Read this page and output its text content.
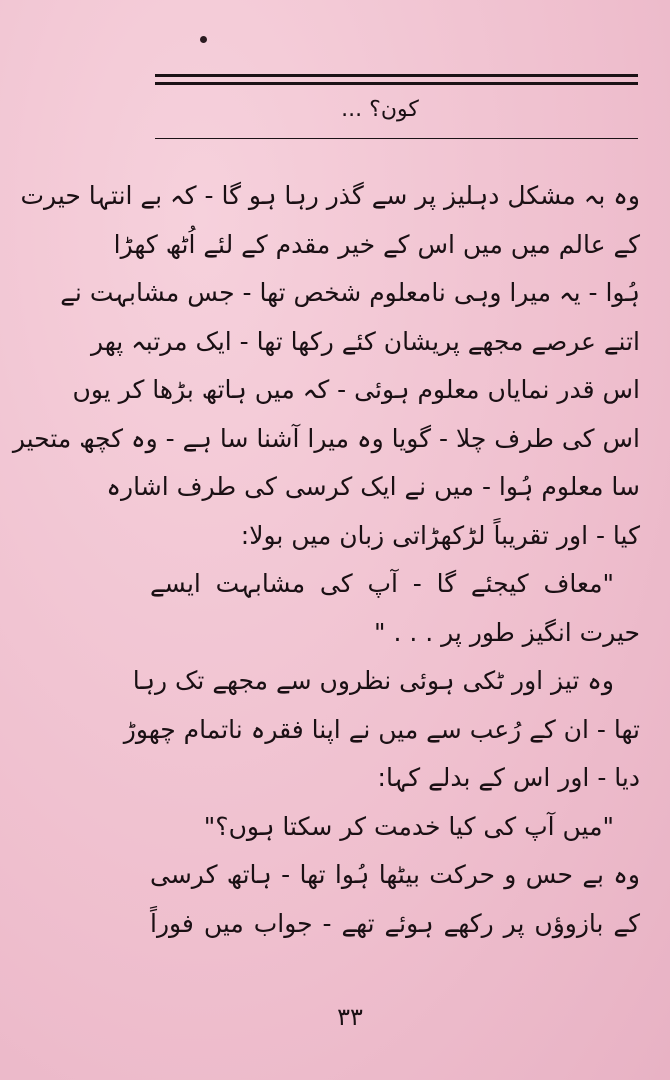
کون؟ ...
وہ بہ مشکل دہلیز پر سے گذر رہا ہو گا - کہ بے انتہا حیرت
کے عالم میں میں اس کے خیر مقدم کے لئے اُٹھ کھڑا
ہُوا - یہ میرا وہی نامعلوم شخص تھا - جس مشابہت نے
اتنے عرصے مجھے پریشان کئے رکھا تھا - ایک مرتبہ پھر
اس قدر نمایاں معلوم ہوئی - کہ میں ہاتھ بڑھا کر یوں
اس کی طرف چلا - گویا وہ میرا آشنا سا ہے - وہ کچھ متحیر
سا معلوم ہُوا - میں نے ایک کرسی کی طرف اشارہ
کیا - اور تقریباً لڑکھڑاتی زبان میں بولا:
"معاف کیجئے گا - آپ کی مشابہت ایسے
حیرت انگیز طور پر . . . "
وہ تیز اور ٹکی ہوئی نظروں سے مجھے تک رہا
تھا - ان کے رُعب سے میں نے اپنا فقرہ ناتمام چھوڑ
دیا - اور اس کے بدلے کہا:
"میں آپ کی کیا خدمت کر سکتا ہوں؟"
وہ بے حس و حرکت بیٹھا ہُوا تھا - ہاتھ کرسی
کے بازوؤں پر رکھے ہوئے تھے - جواب میں فوراً
۳۳
